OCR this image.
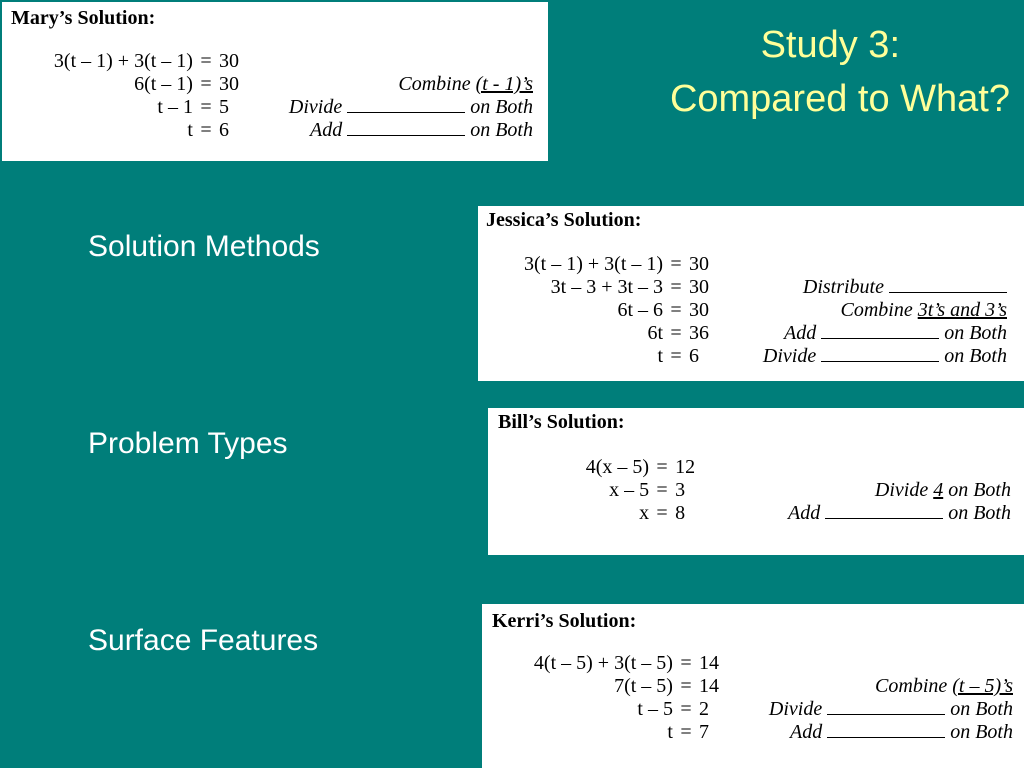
Study 3:
Compared to What?
Solution Methods
Problem Types
Surface Features
Mary’s Solution:
3(t – 1) + 3(t – 1)	=	30	
6(t – 1)	=	30	Combine (t - 1)’s
t – 1	=	5	Divide on Both
t	=	6	Add on Both
Jessica’s Solution:
3(t – 1) + 3(t – 1)	=	30	
3t – 3 + 3t – 3	=	30	Distribute
6t – 6	=	30	Combine 3t’s and 3’s
6t	=	36	Add on Both
t	=	6	Divide on Both
Bill’s Solution:
4(x – 5)	=	12	
x – 5	=	3	Divide 4 on Both
x	=	8	Add on Both
Kerri’s Solution:
4(t – 5) + 3(t – 5)	=	14	
7(t – 5)	=	14	Combine (t – 5)’s
t – 5	=	2	Divide on Both
t	=	7	Add on Both
